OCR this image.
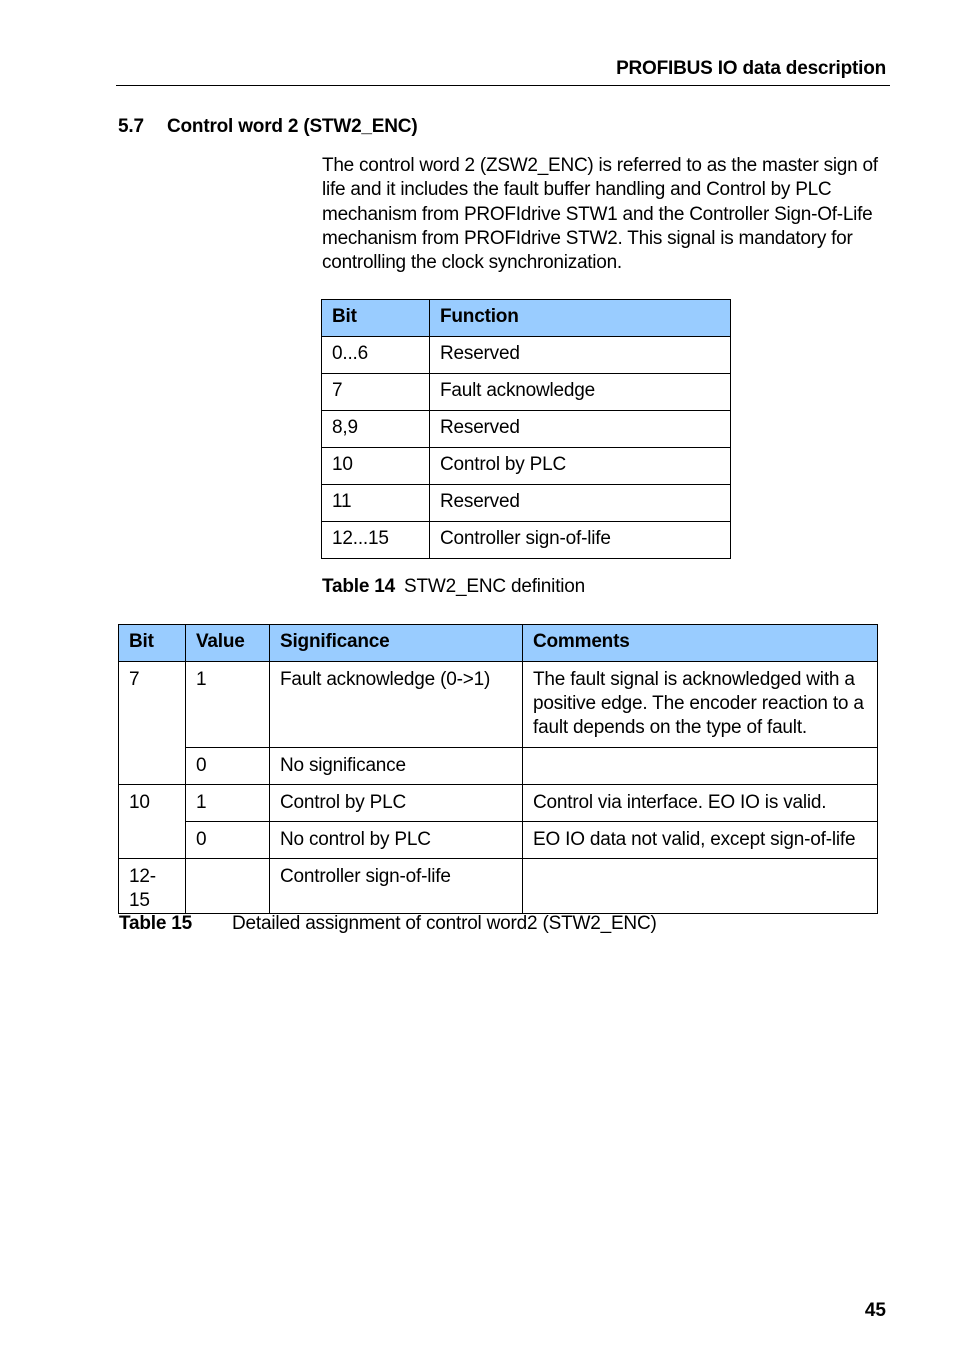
PROFIBUS IO data description
5.7 Control word 2 (STW2_ENC)
The control word 2 (ZSW2_ENC) is referred to as the master sign of life and it includes the fault buffer handling and Control by PLC mechanism from PROFIdrive STW1 and the Controller Sign-Of-Life mechanism from PROFIdrive STW2. This signal is mandatory for controlling the clock synchronization.
Bit	Function
0...6	Reserved
7	Fault acknowledge
8,9	Reserved
10	Control by PLC
11	Reserved
12...15	Controller sign-of-life
Table 14 STW2_ENC definition
Bit	Value	Significance	Comments
7	1	Fault acknowledge (0->1)	The fault signal is acknowledged with a positive edge. The encoder reaction to a fault depends on the type of fault.
	0	No significance	
10	1	Control by PLC	Control via interface. EO IO is valid.
	0	No control by PLC	EO IO data not valid, except sign-of-life
12-15		Controller sign-of-life	
Table 15 Detailed assignment of control word2 (STW2_ENC)
45
